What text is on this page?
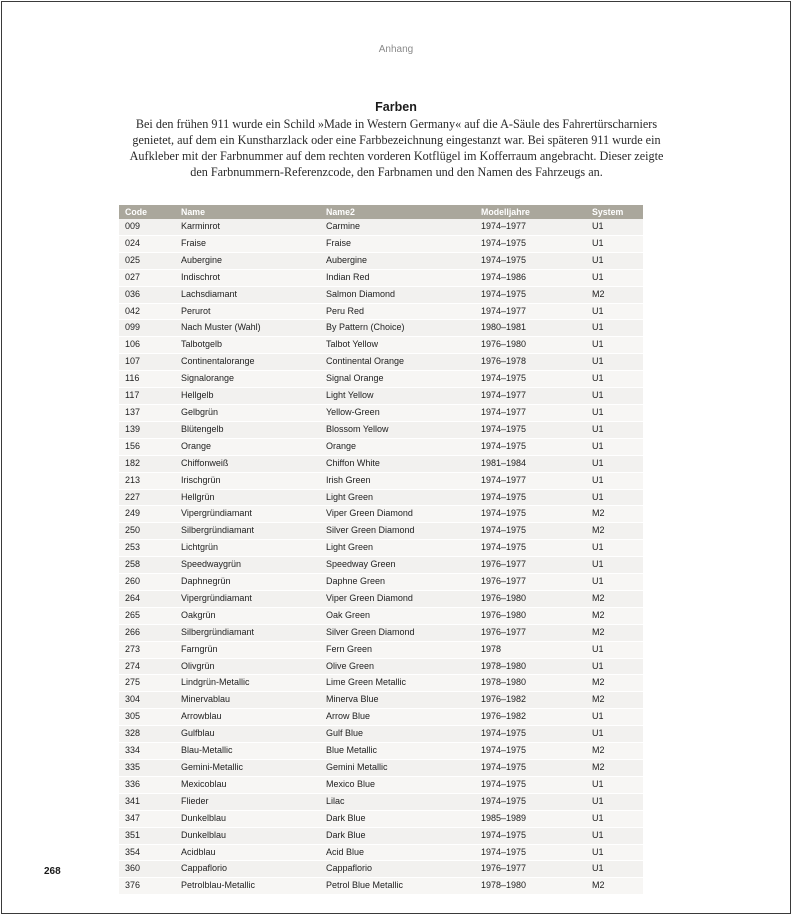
Anhang
Farben
Bei den frühen 911 wurde ein Schild »Made in Western Germany« auf die A-Säule des Fahrertürscharniers
genietet, auf dem ein Kunstharzlack oder eine Farbbezeichnung eingestanzt war. Bei späteren 911 wurde ein
Aufkleber mit der Farbnummer auf dem rechten vorderen Kotflügel im Kofferraum angebracht. Dieser zeigte
den Farbnummern-Referenzcode, den Farbnamen und den Namen des Fahrzeugs an.
Code	Name	Name2	Modelljahre	System
009	Karminrot	Carmine	1974–1977	U1
024	Fraise	Fraise	1974–1975	U1
025	Aubergine	Aubergine	1974–1975	U1
027	Indischrot	Indian Red	1974–1986	U1
036	Lachsdiamant	Salmon Diamond	1974–1975	M2
042	Perurot	Peru Red	1974–1977	U1
099	Nach Muster (Wahl)	By Pattern (Choice)	1980–1981	U1
106	Talbotgelb	Talbot Yellow	1976–1980	U1
107	Continentalorange	Continental Orange	1976–1978	U1
116	Signalorange	Signal Orange	1974–1975	U1
117	Hellgelb	Light Yellow	1974–1977	U1
137	Gelbgrün	Yellow-Green	1974–1977	U1
139	Blütengelb	Blossom Yellow	1974–1975	U1
156	Orange	Orange	1974–1975	U1
182	Chiffonweiß	Chiffon White	1981–1984	U1
213	Irischgrün	Irish Green	1974–1977	U1
227	Hellgrün	Light Green	1974–1975	U1
249	Vipergründiamant	Viper Green Diamond	1974–1975	M2
250	Silbergründiamant	Silver Green Diamond	1974–1975	M2
253	Lichtgrün	Light Green	1974–1975	U1
258	Speedwaygrün	Speedway Green	1976–1977	U1
260	Daphnegrün	Daphne Green	1976–1977	U1
264	Vipergründiamant	Viper Green Diamond	1976–1980	M2
265	Oakgrün	Oak Green	1976–1980	M2
266	Silbergründiamant	Silver Green Diamond	1976–1977	M2
273	Farngrün	Fern Green	1978	U1
274	Olivgrün	Olive Green	1978–1980	U1
275	Lindgrün-Metallic	Lime Green Metallic	1978–1980	M2
304	Minervablau	Minerva Blue	1976–1982	M2
305	Arrowblau	Arrow Blue	1976–1982	U1
328	Gulfblau	Gulf Blue	1974–1975	U1
334	Blau-Metallic	Blue Metallic	1974–1975	M2
335	Gemini-Metallic	Gemini Metallic	1974–1975	M2
336	Mexicoblau	Mexico Blue	1974–1975	U1
341	Flieder	Lilac	1974–1975	U1
347	Dunkelblau	Dark Blue	1985–1989	U1
351	Dunkelblau	Dark Blue	1974–1975	U1
354	Acidblau	Acid Blue	1974–1975	U1
360	Cappaflorio	Cappaflorio	1976–1977	U1
376	Petrolblau-Metallic	Petrol Blue Metallic	1978–1980	M2
268
